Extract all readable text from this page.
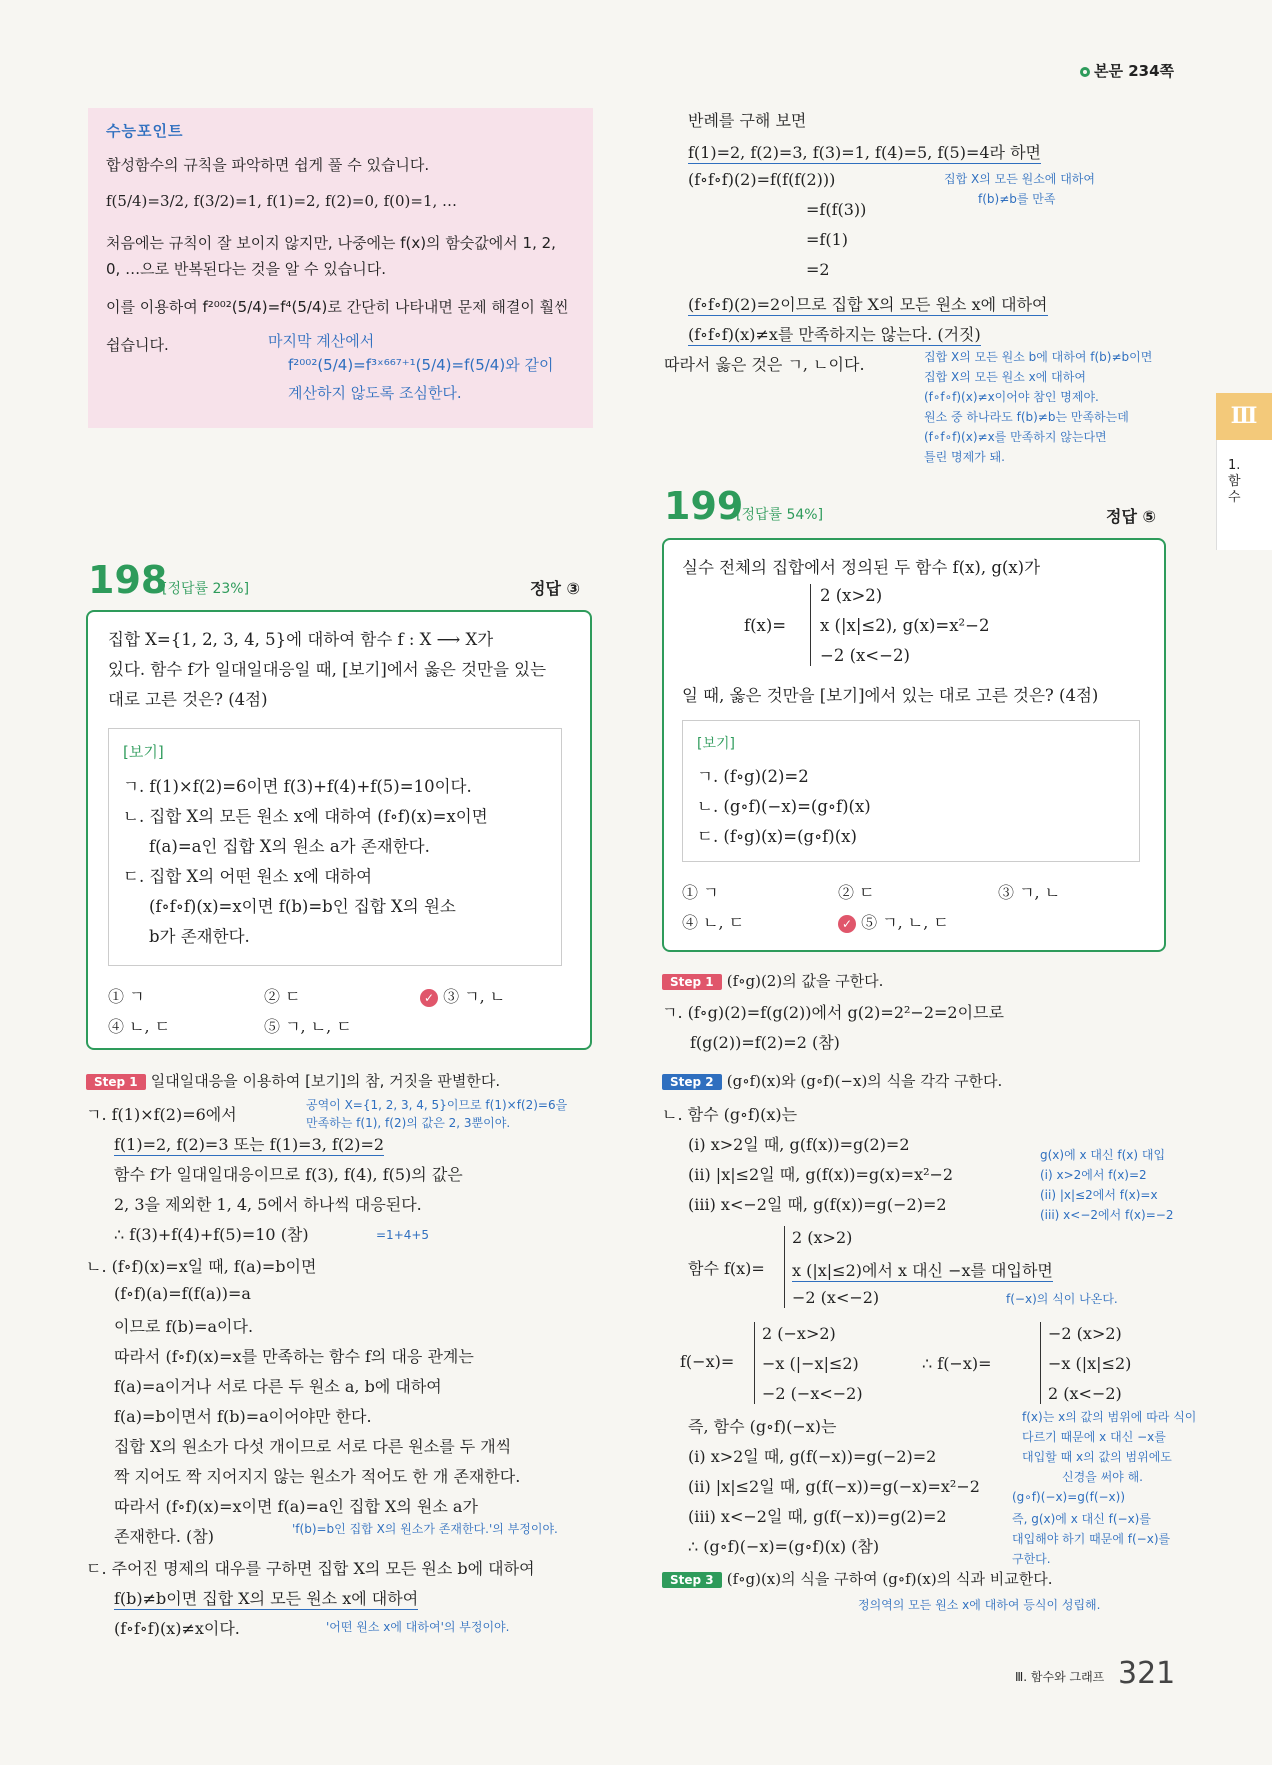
본문 234쪽
수능포인트
합성함수의 규칙을 파악하면 쉽게 풀 수 있습니다.
f(5/4)=3/2, f(3/2)=1, f(1)=2, f(2)=0, f(0)=1, …
처음에는 규칙이 잘 보이지 않지만, 나중에는 f(x)의 함숫값에서 1, 2,
0, …으로 반복된다는 것을 알 수 있습니다.
이를 이용하여 f²⁰⁰²(5/4)=f⁴(5/4)로 간단히 나타내면 문제 해결이 훨씬
쉽습니다.	마지막 계산에서
f²⁰⁰²(5/4)=f³ˣ⁶⁶⁷⁺¹(5/4)=f(5/4)와 같이
계산하지 않도록 조심한다.
반례를 구해 보면
f(1)=2, f(2)=3, f(3)=1, f(4)=5, f(5)=4라 하면
(f∘f∘f)(2)=f(f(f(2)))
=f(f(3))
=f(1)
=2
집합 X의 모든 원소에 대하여
f(b)≠b를 만족
(f∘f∘f)(2)=2이므로 집합 X의 모든 원소 x에 대하여
(f∘f∘f)(x)≠x를 만족하지는 않는다. (거짓)
따라서 옳은 것은 ㄱ, ㄴ이다.	집합 X의 모든 원소 b에 대하여 f(b)≠b이면
집합 X의 모든 원소 x에 대하여
(f∘f∘f)(x)≠x이어야 참인 명제야.
원소 중 하나라도 f(b)≠b는 만족하는데
(f∘f∘f)(x)≠x를 만족하지 않는다면
틀린 명제가 돼.
Ⅲ
1. 함수
198
[정답률 23%]	정답 ③
집합 X={1, 2, 3, 4, 5}에 대하여 함수 f : X ⟶ X가
있다. 함수 f가 일대일대응일 때, [보기]에서 옳은 것만을 있는
대로 고른 것은? (4점)
[보기]
ㄱ. f(1)×f(2)=6이면 f(3)+f(4)+f(5)=10이다.
ㄴ. 집합 X의 모든 원소 x에 대하여 (f∘f)(x)=x이면
f(a)=a인 집합 X의 원소 a가 존재한다.
ㄷ. 집합 X의 어떤 원소 x에 대하여
(f∘f∘f)(x)=x이면 f(b)=b인 집합 X의 원소
b가 존재한다.
① ㄱ	② ㄷ	✓ ③ ㄱ, ㄴ
④ ㄴ, ㄷ	⑤ ㄱ, ㄴ, ㄷ
Step 1 일대일대응을 이용하여 [보기]의 참, 거짓을 판별한다.
ㄱ. f(1)×f(2)=6에서	공역이 X={1, 2, 3, 4, 5}이므로 f(1)×f(2)=6을
만족하는 f(1), f(2)의 값은 2, 3뿐이야.
f(1)=2, f(2)=3 또는 f(1)=3, f(2)=2
함수 f가 일대일대응이므로 f(3), f(4), f(5)의 값은
2, 3을 제외한 1, 4, 5에서 하나씩 대응된다.
∴ f(3)+f(4)+f(5)=10 (참)	=1+4+5
ㄴ. (f∘f)(x)=x일 때, f(a)=b이면
(f∘f)(a)=f(f(a))=a
이므로 f(b)=a이다.
따라서 (f∘f)(x)=x를 만족하는 함수 f의 대응 관계는
f(a)=a이거나 서로 다른 두 원소 a, b에 대하여
f(a)=b이면서 f(b)=a이어야만 한다.
집합 X의 원소가 다섯 개이므로 서로 다른 원소를 두 개씩
짝 지어도 짝 지어지지 않는 원소가 적어도 한 개 존재한다.
따라서 (f∘f)(x)=x이면 f(a)=a인 집합 X의 원소 a가
존재한다. (참)	'f(b)=b인 집합 X의 원소가 존재한다.'의 부정이야.
ㄷ. 주어진 명제의 대우를 구하면 집합 X의 모든 원소 b에 대하여
f(b)≠b이면 집합 X의 모든 원소 x에 대하여
(f∘f∘f)(x)≠x이다.	'어떤 원소 x에 대하여'의 부정이야.
199
[정답률 54%]	정답 ⑤
실수 전체의 집합에서 정의된 두 함수 f(x), g(x)가
f(x)=
2 (x>2)
x (|x|≤2), g(x)=x²−2
−2 (x<−2)
일 때, 옳은 것만을 [보기]에서 있는 대로 고른 것은? (4점)
[보기]
ㄱ. (f∘g)(2)=2
ㄴ. (g∘f)(−x)=(g∘f)(x)
ㄷ. (f∘g)(x)=(g∘f)(x)
① ㄱ	② ㄷ	③ ㄱ, ㄴ
④ ㄴ, ㄷ	✓ ⑤ ㄱ, ㄴ, ㄷ
Step 1 (f∘g)(2)의 값을 구한다.
ㄱ. (f∘g)(2)=f(g(2))에서 g(2)=2²−2=2이므로
f(g(2))=f(2)=2 (참)
Step 2 (g∘f)(x)와 (g∘f)(−x)의 식을 각각 구한다.
ㄴ. 함수 (g∘f)(x)는
(i) x>2일 때, g(f(x))=g(2)=2
(ii) |x|≤2일 때, g(f(x))=g(x)=x²−2
(iii) x<−2일 때, g(f(x))=g(−2)=2
g(x)에 x 대신 f(x) 대입
(i) x>2에서 f(x)=2
(ii) |x|≤2에서 f(x)=x
(iii) x<−2에서 f(x)=−2
함수 f(x)=
2 (x>2)
x (|x|≤2)에서 x 대신 −x를 대입하면
−2 (x<−2)	f(−x)의 식이 나온다.
f(−x)=
2 (−x>2)
−x (|−x|≤2)
−2 (−x<−2)
∴ f(−x)=
−2 (x>2)
−x (|x|≤2)
2 (x<−2)
f(x)는 x의 값의 범위에 따라 식이
다르기 때문에 x 대신 −x를
대입할 때 x의 값의 범위에도
신경을 써야 해.
즉, 함수 (g∘f)(−x)는
(i) x>2일 때, g(f(−x))=g(−2)=2
(ii) |x|≤2일 때, g(f(−x))=g(−x)=x²−2
(iii) x<−2일 때, g(f(−x))=g(2)=2
∴ (g∘f)(−x)=(g∘f)(x) (참)
(g∘f)(−x)=g(f(−x))
즉, g(x)에 x 대신 f(−x)를
대입해야 하기 때문에 f(−x)를
구한다.
Step 3 (f∘g)(x)의 식을 구하여 (g∘f)(x)의 식과 비교한다.
정의역의 모든 원소 x에 대하여 등식이 성립해.
Ⅲ. 함수와 그래프 321
